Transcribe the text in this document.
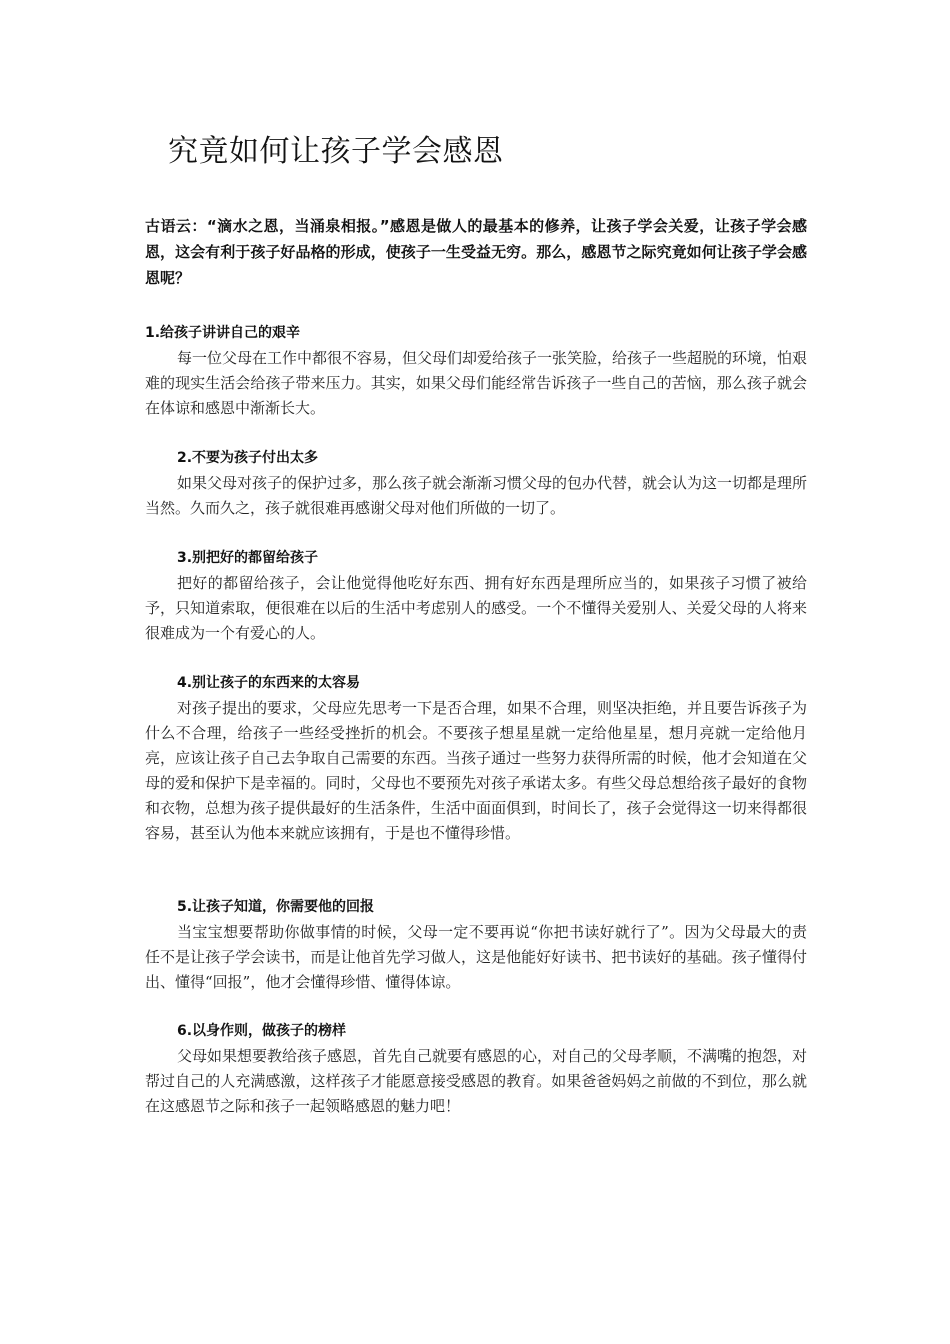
究竟如何让孩子学会感恩

古语云：“滴水之恩，当涌泉相报。”感恩是做人的最基本的修养，让孩子学会关爱，让孩子学会感恩，这会有利于孩子好品格的形成，使孩子一生受益无穷。那么，感恩节之际究竟如何让孩子学会感恩呢？

1.给孩子讲讲自己的艰辛

每一位父母在工作中都很不容易，但父母们却爱给孩子一张笑脸，给孩子一些超脱的环境，怕艰难的现实生活会给孩子带来压力。其实，如果父母们能经常告诉孩子一些自己的苦恼，那么孩子就会在体谅和感恩中渐渐长大。

2.不要为孩子付出太多

如果父母对孩子的保护过多，那么孩子就会渐渐习惯父母的包办代替，就会认为这一切都是理所当然。久而久之，孩子就很难再感谢父母对他们所做的一切了。

3.别把好的都留给孩子

把好的都留给孩子，会让他觉得他吃好东西、拥有好东西是理所应当的，如果孩子习惯了被给予，只知道索取，便很难在以后的生活中考虑别人的感受。一个不懂得关爱别人、关爱父母的人将来很难成为一个有爱心的人。

4.别让孩子的东西来的太容易

对孩子提出的要求，父母应先思考一下是否合理，如果不合理，则坚决拒绝，并且要告诉孩子为什么不合理，给孩子一些经受挫折的机会。不要孩子想星星就一定给他星星，想月亮就一定给他月亮，应该让孩子自己去争取自己需要的东西。当孩子通过一些努力获得所需的时候，他才会知道在父母的爱和保护下是幸福的。同时，父母也不要预先对孩子承诺太多。有些父母总想给孩子最好的食物和衣物，总想为孩子提供最好的生活条件，生活中面面俱到，时间长了，孩子会觉得这一切来得都很容易，甚至认为他本来就应该拥有，于是也不懂得珍惜。

5.让孩子知道，你需要他的回报

当宝宝想要帮助你做事情的时候，父母一定不要再说“你把书读好就行了”。因为父母最大的责任不是让孩子学会读书，而是让他首先学习做人，这是他能好好读书、把书读好的基础。孩子懂得付出、懂得“回报”，他才会懂得珍惜、懂得体谅。

6.以身作则，做孩子的榜样

父母如果想要教给孩子感恩，首先自己就要有感恩的心，对自己的父母孝顺，不满嘴的抱怨，对帮过自己的人充满感激，这样孩子才能愿意接受感恩的教育。如果爸爸妈妈之前做的不到位，那么就在这感恩节之际和孩子一起领略感恩的魅力吧！
